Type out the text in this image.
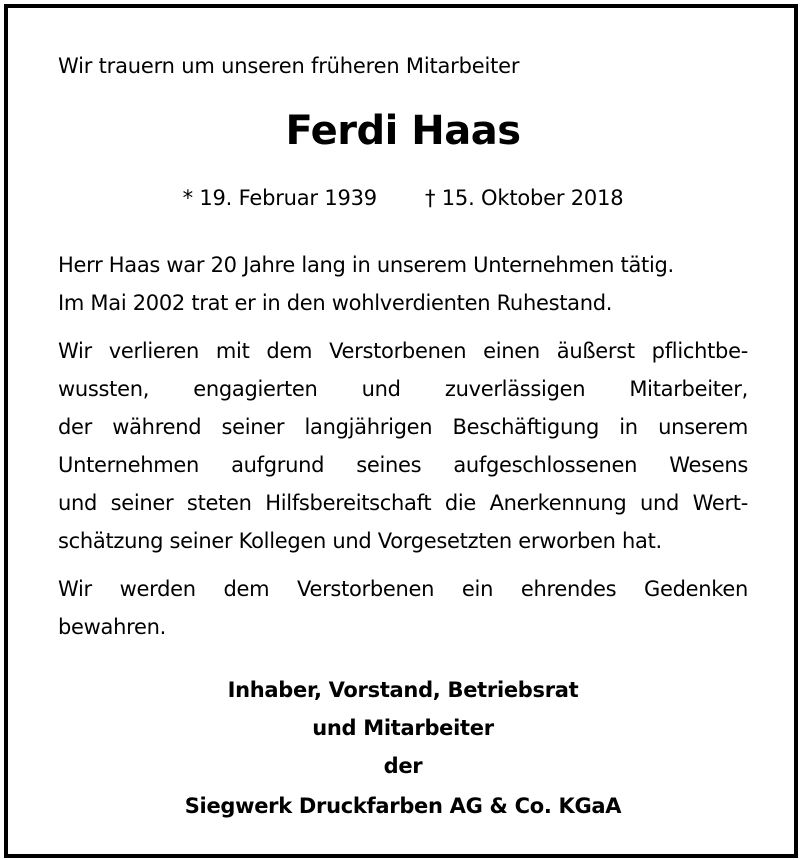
Wir trauern um unseren früheren Mitarbeiter
Ferdi Haas
* 19. Februar 1939 † 15. Oktober 2018
Herr Haas war 20 Jahre lang in unserem Unternehmen tätig.
Im Mai 2002 trat er in den wohlverdienten Ruhestand.
Wir verlieren mit dem Verstorbenen einen äußerst pflichtbe-
wussten, engagierten und zuverlässigen Mitarbeiter,
der während seiner langjährigen Beschäftigung in unserem
Unternehmen aufgrund seines aufgeschlossenen Wesens
und seiner steten Hilfsbereitschaft die Anerkennung und Wert-
schätzung seiner Kollegen und Vorgesetzten erworben hat.
Wir werden dem Verstorbenen ein ehrendes Gedenken
bewahren.
Inhaber, Vorstand, Betriebsrat
und Mitarbeiter
der
Siegwerk Druckfarben AG & Co. KGaA
